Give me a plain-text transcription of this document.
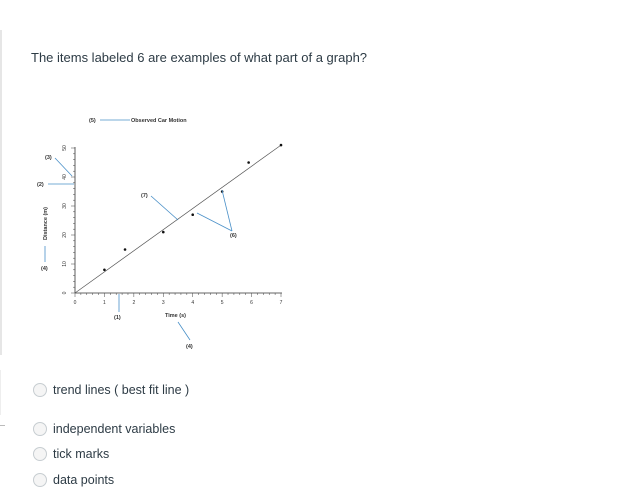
The items labeled 6 are examples of what part of a graph?
(5)	Observed Car Motion
0
10
20
30
40
50
0	1	2	3	4	5	6	7
Time (s)
Distance (m)
(3)
(2)
(4)
(7)
(1)
(4)
(6)
trend lines ( best fit line )
independent variables
tick marks
data points
